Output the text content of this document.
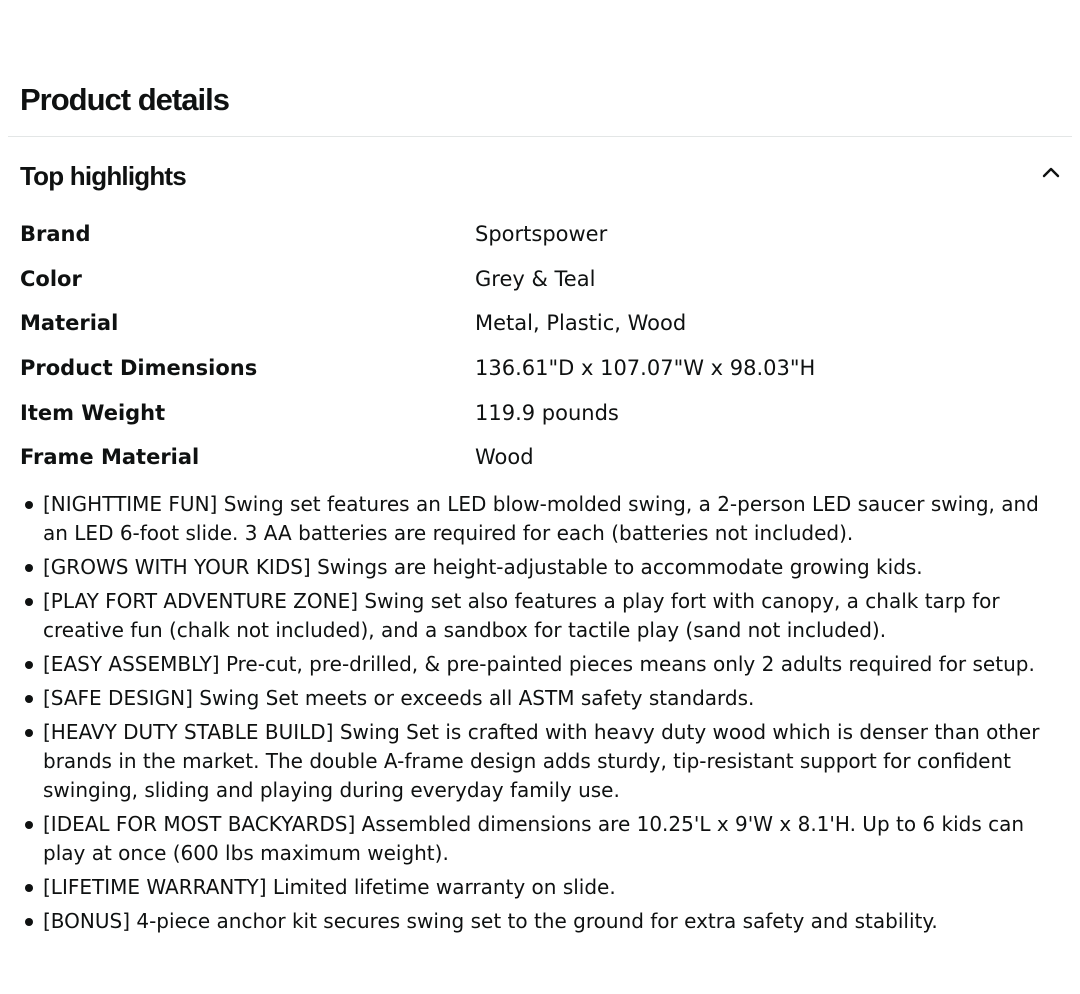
Product details
Top highlights
Brand	Sportspower
Color	Grey & Teal
Material	Metal, Plastic, Wood
Product Dimensions	136.61"D x 107.07"W x 98.03"H
Item Weight	119.9 pounds
Frame Material	Wood
[NIGHTTIME FUN] Swing set features an LED blow-molded swing, a 2-person LED saucer swing, and an LED 6-foot slide. 3 AA batteries are required for each (batteries not included).
[GROWS WITH YOUR KIDS] Swings are height-adjustable to accommodate growing kids.
[PLAY FORT ADVENTURE ZONE] Swing set also features a play fort with canopy, a chalk tarp for creative fun (chalk not included), and a sandbox for tactile play (sand not included).
[EASY ASSEMBLY] Pre-cut, pre-drilled, & pre-painted pieces means only 2 adults required for setup.
[SAFE DESIGN] Swing Set meets or exceeds all ASTM safety standards.
[HEAVY DUTY STABLE BUILD] Swing Set is crafted with heavy duty wood which is denser than other brands in the market. The double A-frame design adds sturdy, tip-resistant support for confident swinging, sliding and playing during everyday family use.
[IDEAL FOR MOST BACKYARDS] Assembled dimensions are 10.25'L x 9'W x 8.1'H. Up to 6 kids can play at once (600 lbs maximum weight).
[LIFETIME WARRANTY] Limited lifetime warranty on slide.
[BONUS] 4-piece anchor kit secures swing set to the ground for extra safety and stability.
